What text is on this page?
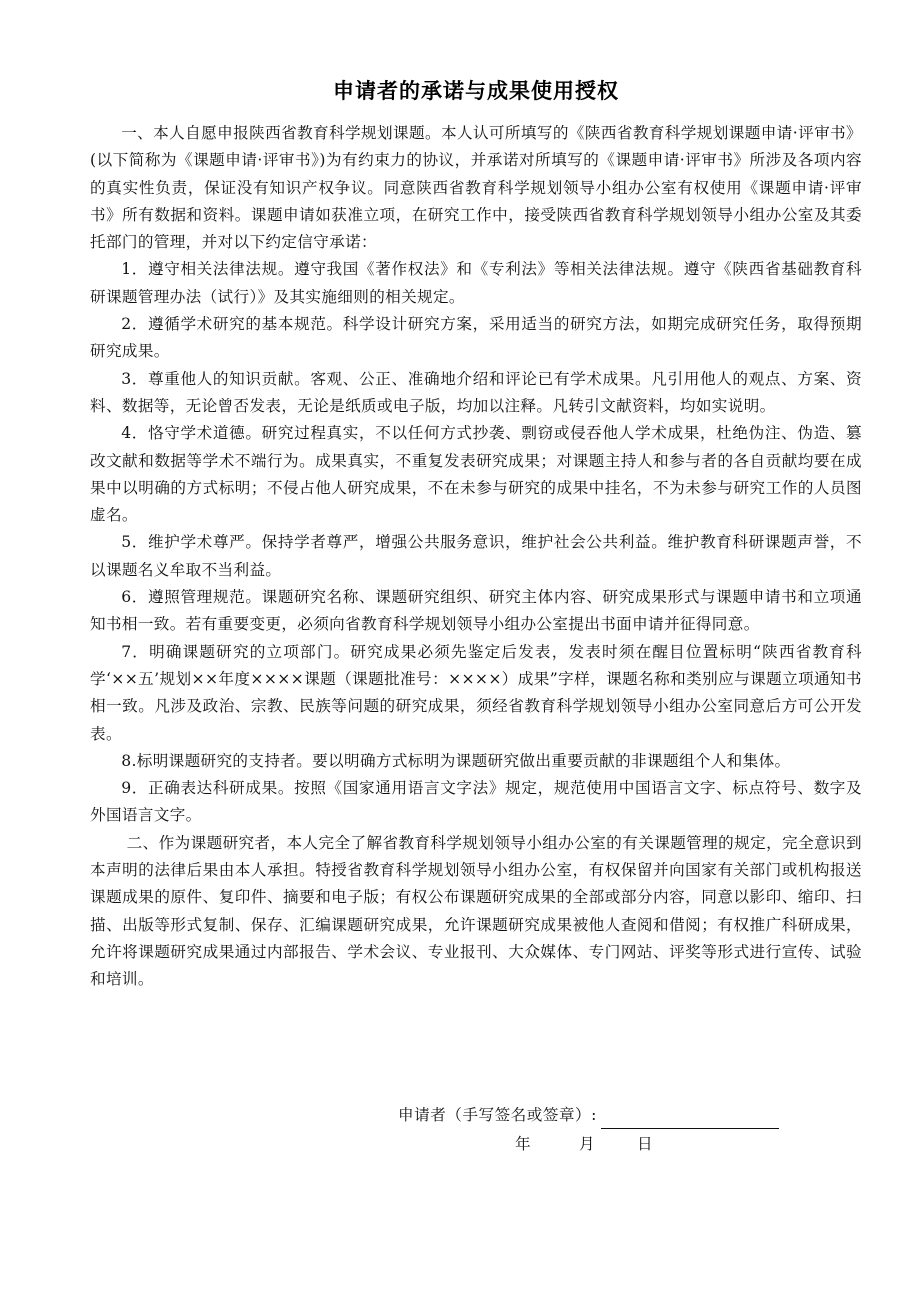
申请者的承诺与成果使用授权

一、本人自愿申报陕西省教育科学规划课题。本人认可所填写的《陕西省教育科学规划课题申请·评审书》(以下简称为《课题申请·评审书》)为有约束力的协议，并承诺对所填写的《课题申请·评审书》所涉及各项内容的真实性负责，保证没有知识产权争议。同意陕西省教育科学规划领导小组办公室有权使用《课题申请·评审书》所有数据和资料。课题申请如获准立项，在研究工作中，接受陕西省教育科学规划领导小组办公室及其委托部门的管理，并对以下约定信守承诺：

1．遵守相关法律法规。遵守我国《著作权法》和《专利法》等相关法律法规。遵守《陕西省基础教育科研课题管理办法（试行）》及其实施细则的相关规定。

2．遵循学术研究的基本规范。科学设计研究方案，采用适当的研究方法，如期完成研究任务，取得预期研究成果。

3．尊重他人的知识贡献。客观、公正、准确地介绍和评论已有学术成果。凡引用他人的观点、方案、资料、数据等，无论曾否发表，无论是纸质或电子版，均加以注释。凡转引文献资料，均如实说明。

4．恪守学术道德。研究过程真实，不以任何方式抄袭、剽窃或侵吞他人学术成果，杜绝伪注、伪造、篡改文献和数据等学术不端行为。成果真实，不重复发表研究成果；对课题主持人和参与者的各自贡献均要在成果中以明确的方式标明；不侵占他人研究成果，不在未参与研究的成果中挂名，不为未参与研究工作的人员图虚名。

5．维护学术尊严。保持学者尊严，增强公共服务意识，维护社会公共利益。维护教育科研课题声誉，不以课题名义牟取不当利益。

6．遵照管理规范。课题研究名称、课题研究组织、研究主体内容、研究成果形式与课题申请书和立项通知书相一致。若有重要变更，必须向省教育科学规划领导小组办公室提出书面申请并征得同意。

7．明确课题研究的立项部门。研究成果必须先鉴定后发表，发表时须在醒目位置标明“陕西省教育科学‘××五’规划××年度××××课题（课题批准号：××××）成果”字样，课题名称和类别应与课题立项通知书相一致。凡涉及政治、宗教、民族等问题的研究成果，须经省教育科学规划领导小组办公室同意后方可公开发表。

8.标明课题研究的支持者。要以明确方式标明为课题研究做出重要贡献的非课题组个人和集体。

9．正确表达科研成果。按照《国家通用语言文字法》规定，规范使用中国语言文字、标点符号、数字及外国语言文字。

二、作为课题研究者，本人完全了解省教育科学规划领导小组办公室的有关课题管理的规定，完全意识到本声明的法律后果由本人承担。特授省教育科学规划领导小组办公室，有权保留并向国家有关部门或机构报送课题成果的原件、复印件、摘要和电子版；有权公布课题研究成果的全部或部分内容，同意以影印、缩印、扫描、出版等形式复制、保存、汇编课题研究成果，允许课题研究成果被他人查阅和借阅；有权推广科研成果，允许将课题研究成果通过内部报告、学术会议、专业报刊、大众媒体、专门网站、评奖等形式进行宣传、试验和培训。

申请者（手写签名或签章）:
年	月	日
